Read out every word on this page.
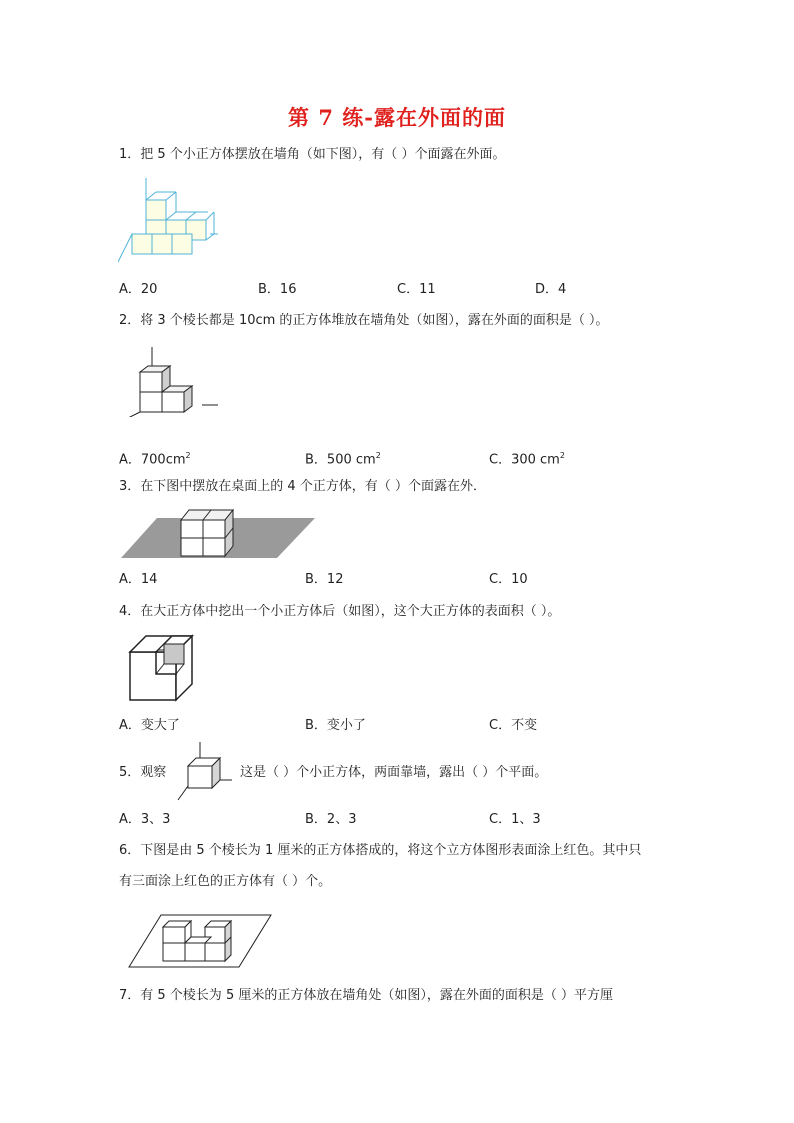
第 7 练-露在外面的面
1．把 5 个小正方体摆放在墙角（如下图），有（ ）个面露在外面。
A．20	B．16	C．11	D．4
2．将 3 个棱长都是 10cm 的正方体堆放在墙角处（如图），露在外面的面积是（ ）。
A．$700cm^2$	B．500 $cm^2$	C．300 $cm^2$
3．在下图中摆放在桌面上的 4 个正方体，有（ ）个面露在外．
A．14	B．12	C．10
4．在大正方体中挖出一个小正方体后（如图），这个大正方体的表面积（ ）。
A．变大了	B．变小了	C．不变
5．观察	这是（ ）个小正方体，两面靠墙，露出（ ）个平面。
A．3、3	B．2、3	C．1、3
6．下图是由 5 个棱长为 1 厘米的正方体搭成的，将这个立方体图形表面涂上红色。其中只
有三面涂上红色的正方体有（ ）个。
7．有 5 个棱长为 5 厘米的正方体放在墙角处（如图），露在外面的面积是（ ）平方厘
